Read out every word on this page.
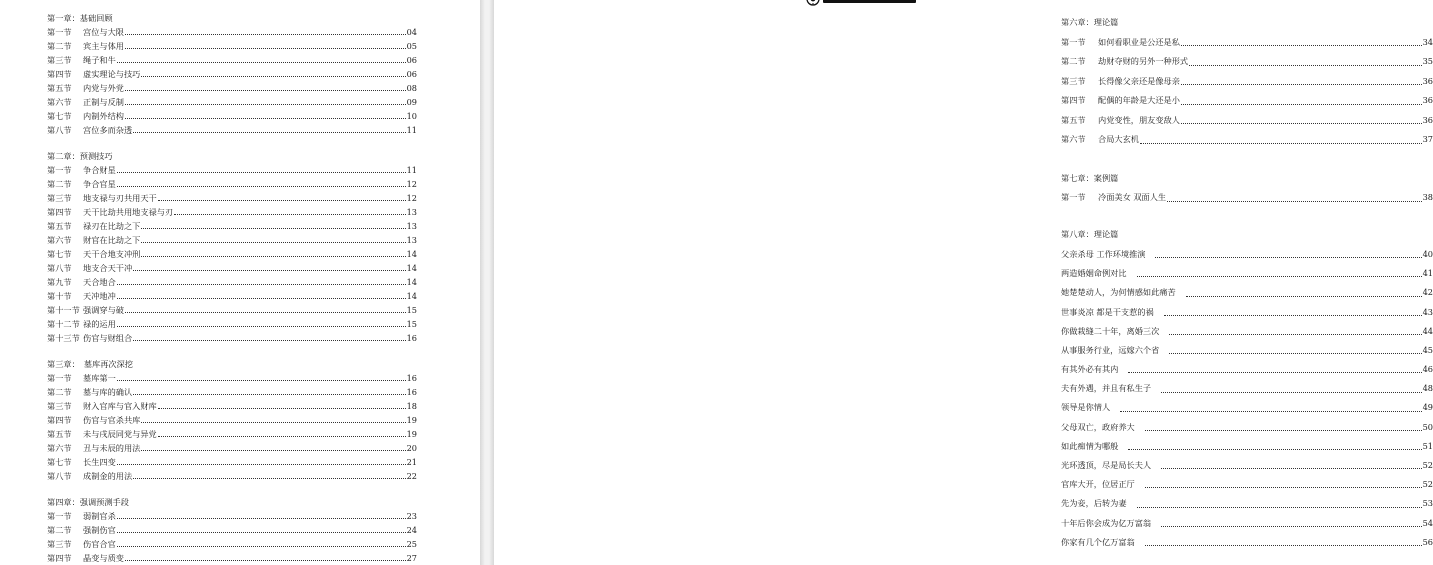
第一章：基础回顾
第一节	宫位与大限	04
第二节	宾主与体用	05
第三节	绳子和牛	06
第四节	虚实理论与技巧	06
第五节	内党与外党	08
第六节	正制与反制	09
第七节	内制外结构	10
第八节	宫位多而杂透	11
第二章：预测技巧
第一节	争合财星	11
第二节	争合官星	12
第三节	地支禄与刃共用天干	12
第四节	天干比劫共用地支禄与刃	13
第五节	禄刃在比劫之下	13
第六节	财官在比劫之下	13
第七节	天干合地支冲刑	14
第八节	地支合天干冲	14
第九节	天合地合	14
第十节	天冲地冲	14
第十一节 强调穿与破	15
第十二节 禄的运用	15
第十三节 伤官与财组合	16
第三章：　墓库再次深挖
第一节	墓库第一	16
第二节	墓与库的确认	16
第三节	财入官库与官入财库	18
第四节	伤官与官杀共库	19
第五节	未与戌辰同党与异党	19
第六节	丑与未辰的用法	20
第七节	长生四变	21
第八节	成制金的用法	22
第四章：强调预测手段
第一节	弱制官杀	23
第二节	强制伤官	24
第三节	伤官合官	25
第四节	晶变与质变	27
第六章：理论篇
第一节	如何看职业是公还是私	34
第二节	劫财夺财的另外一种形式	35
第三节	长得像父亲还是像母亲	36
第四节	配偶的年龄是大还是小	36
第五节	内党变性，朋友变敌人	36
第六节	合局大玄机	37
第七章：案例篇
第一节	冷面美女 双面人生	38
第八章：理论篇
父亲杀母 工作环境推演	40
两造婚姻命例对比	41
她楚楚动人，为何情感如此痛苦	42
世事炎凉 都是干支惹的祸	43
你做栽缝二十年，离婚三次	44
从事服务行业，远嫁六个省	45
有其外必有其内	46
夫有外遇，并且有私生子	48
领导是你情人	49
父母双亡，政府养大	50
如此痴情为哪般	51
光环透顶，尽是局长夫人	52
官库大开，位居正厅	52
先为妾，后转为妻	53
十年后你会成为亿万富翁	54
你家有几个亿万富翁	56
